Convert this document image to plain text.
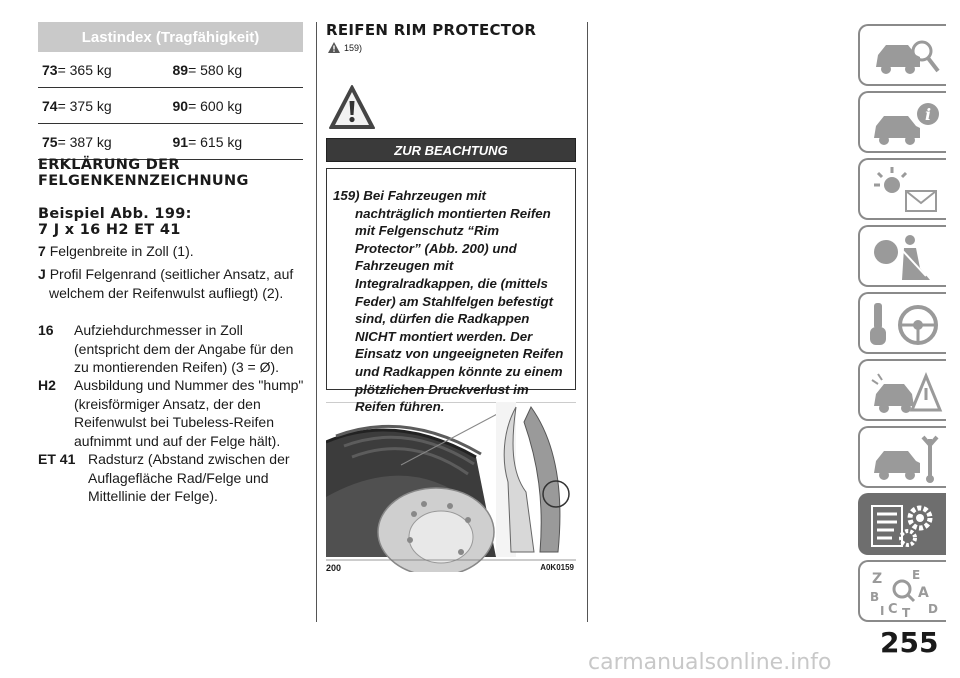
Lastindex (Tragfähigkeit)
73= 365 kg	89= 580 kg
74= 375 kg	90= 600 kg
75= 387 kg	91= 615 kg
ERKLÄRUNG DER
FELGENKENNZEICHNUNG
Beispiel Abb. 199:
7 J x 16 H2 ET 41
7 Felgenbreite in Zoll (1).
J Profil Felgenrand (seitlicher Ansatz, auf welchem der Reifenwulst aufliegt) (2).
16 Aufziehdurchmesser in Zoll (entspricht dem der Angabe für den zu montierenden Reifen) (3 = Ø).
H2 Ausbildung und Nummer des "hump" (kreisförmiger Ansatz, der den Reifenwulst bei Tubeless-Reifen aufnimmt und auf der Felge hält).
ET 41 Radsturz (Abstand zwischen der Auflagefläche Rad/Felge und Mittellinie der Felge).
REIFEN RIM PROTECTOR
159)
ZUR BEACHTUNG
159) Bei Fahrzeugen mit nachträglich montierten Reifen mit Felgenschutz “Rim Protector” (Abb. 200) und Fahrzeugen mit Integralradkappen, die (mittels Feder) am Stahlfelgen befestigt sind, dürfen die Radkappen NICHT montiert werden. Der Einsatz von ungeeigneten Reifen und Radkappen könnte zu einem plötzlichen Druckverlust im Reifen führen.
200	A0K0159
i
Z E
B	A
C T D
I
255
carmanualsonline.info
